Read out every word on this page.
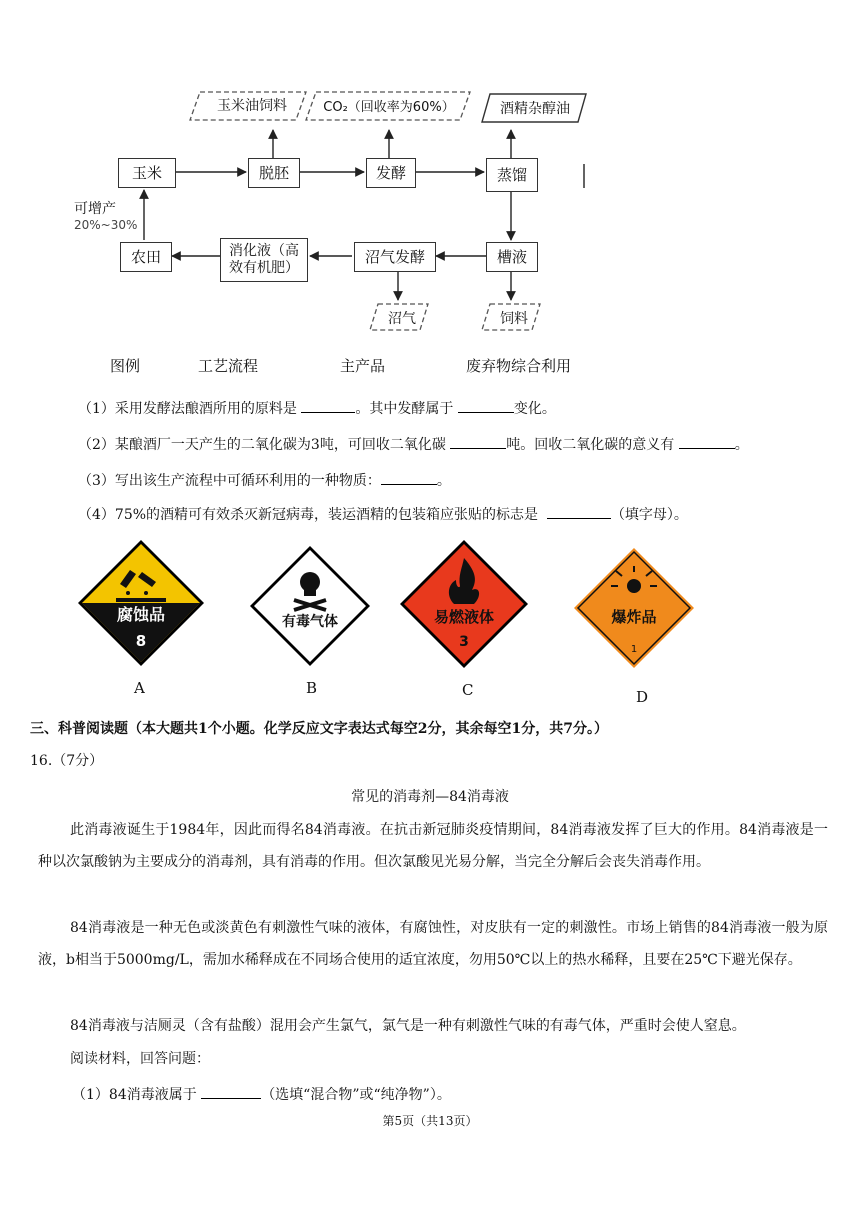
玉米油饲料	CO₂（回收率为60%）	酒精杂醇油
玉米	脱胚	发酵	蒸馏
槽液
沼气发酵
消化液（高效有机肥）
农田
可增产
20%~30%
沼气	饲料
图例	工艺流程	主产品	废弃物综合利用
（1）采用发酵法酿酒所用的原料是	。其中发酵属于	变化。
（2）某酿酒厂一天产生的二氧化碳为3吨，可回收二氧化碳	吨。回收二氧化碳的意义有	。
（3）写出该生产流程中可循环利用的一种物质：	。
（4）75%的酒精可有效杀灭新冠病毒，装运酒精的包装箱应张贴的标志是	（填字母）。
腐蚀品
8
有毒气体	易燃液体
3
爆炸品
1
A	B	C	D
三、科普阅读题（本大题共1个小题。化学反应文字表达式每空2分，其余每空1分，共7分。）
16.（7分）
常见的消毒剂—84消毒液
此消毒液诞生于1984年，因此而得名84消毒液。在抗击新冠肺炎疫情期间，84消毒液发挥了巨大的作用。84消毒液是一种以次氯酸钠为主要成分的消毒剂，具有消毒的作用。但次氯酸见光易分解，当完全分解后会丧失消毒作用。
84消毒液是一种无色或淡黄色有刺激性气味的液体，有腐蚀性，对皮肤有一定的刺激性。市场上销售的84消毒液一般为原液，b相当于5000mg/L，需加水稀释成在不同场合使用的适宜浓度，勿用50℃以上的热水稀释，且要在25℃下避光保存。
84消毒液与洁厕灵（含有盐酸）混用会产生氯气，氯气是一种有刺激性气味的有毒气体，严重时会使人窒息。
阅读材料，回答问题：
（1）84消毒液属于	（选填“混合物”或“纯净物”）。
第5页（共13页）
